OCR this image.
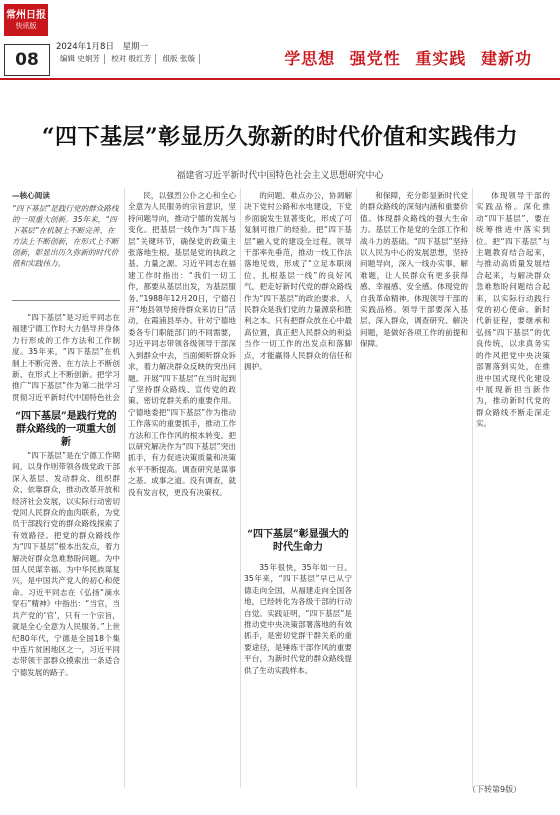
常州日报
快讯版
08
2024年1月8日 星期一
编辑 史娟芳 校对 殷红芳 组版 张璇	学思想 强党性 重实践 建新功
“四下基层”彰显历久弥新的时代价值和实践伟力
福建省习近平新时代中国特色社会主义思想研究中心
—核心阅读
“四下基层”是践行党的群众路线的一项重大创新。35年来，“四下基层”在机制上不断完善、在方法上不断创新，在形式上不断创新，彰显出历久弥新的时代价值和实践伟力。

“四下基层”是习近平同志在福建宁德工作时大力倡导并身体力行形成的工作方法和工作制度。35年来，“四下基层”在机制上不断完善、在方法上不断创新、在形式上不断创新。把学习推广“四下基层”作为第二批学习贯彻习近平新时代中国特色社会

“四下基层”是践行党的群众路线的一项重大创新

“四下基层”是在宁德工作期间，以身作则带领各级党政干部深入基层、发动群众、组织群众、依靠群众，推动改革开放和经济社会发展，以实际行动密切党同人民群众的血肉联系，为党员干部践行党的群众路线探索了有效路径。把党的群众路线作为“四下基层”根本出发点，着力解决好群众急难愁盼问题。为中国人民谋幸福、为中华民族谋复兴，是中国共产党人的初心和使命。习近平同志在《弘扬“滴水穿石”精神》中指出：“当官，当共产党的‘官’，只有一个宗旨，就是全心全意为人民服务。”上世纪80年代，宁德是全国18个集中连片贫困地区之一，习近平同志带领干部群众摸索出一条适合宁德发展的路子。

民，以强烈公仆之心和全心全意为人民服务的宗旨意识，坚持问题导向，推动宁德的发展与变化。把基层一线作为“四下基层”关键环节，确保党的政策主张落地生根。基层是党的执政之基、力量之源。习近平同志在福建工作时指出：“我们一切工作，都要从基层出发，为基层服务。”1988年12月20日，宁德召开“地县领导接待群众来访日”活动，在霞浦县举办。针对宁德地委各专门职能部门的不同需要，习近平同志带领各级领导干部深入到群众中去，当面倾听群众诉求，着力解决群众反映的突出问题。开展“四下基层”在当时起到了坚持群众路线、宣传党的政策、密切党群关系的重要作用。宁德地委把“四下基层”作为推动工作落实的重要抓手，推动工作方法和工作作风的根本转变。把以研究解决作为“四下基层”突出抓手，有力促进决策质量和决策水平不断提高。调查研究是谋事之基、成事之道。没有调查，就没有发言权，更没有决策权。

的问题、难点办公，协调解决下党村公路和水电建设，下党乡面貌发生显著变化，形成了可复制可推广的经验。把“四下基层”融入党的建设全过程。领导干部率先垂范，推动一线工作法落地见效，形成了“立足本职岗位、扎根基层一线”的良好风气。把走好新时代党的群众路线作为“四下基层”的政治要求。人民群众是我们党的力量源泉和胜利之本。只有把群众放在心中最高位置，真正把人民群众的利益当作一切工作的出发点和落脚点，才能赢得人民群众的信任和拥护。

“四下基层”彰显强大的时代生命力

35年很快，35年如一日。35年来，“四下基层”早已从宁德走向全国，从福建走向全国各地，已经转化为各级干部的行动自觉。实践证明，“四下基层”是推动党中央决策部署落地的有效抓手，是密切党群干群关系的重要途径，是锤炼干部作风的重要平台，为新时代党的群众路线提供了生动实践样本。

和保障，充分彰显新时代党的群众路线的深刻内涵和重要价值。体现群众路线的强大生命力。基层工作是党的全部工作和战斗力的基础。“四下基层”坚持以人民为中心的发展思想，坚持问题导向，深入一线办实事、解难题，让人民群众有更多获得感、幸福感、安全感。体现党的自我革命精神。体现领导干部的实践品格。领导干部要深入基层、深入群众，调查研究、解决问题，是做好各项工作的前提和保障。

体现领导干部的实践品格。深化推动“四下基层”，要在统筹推进中落实到位。把“四下基层”与主题教育结合起来，与推动高质量发展结合起来，与解决群众急难愁盼问题结合起来，以实际行动践行党的初心使命。新时代新征程，要继承和弘扬“四下基层”的优良传统，以求真务实的作风把党中央决策部署落到实处，在推进中国式现代化建设中展现新担当新作为，推动新时代党的群众路线不断走深走实。

（下转第9版）
